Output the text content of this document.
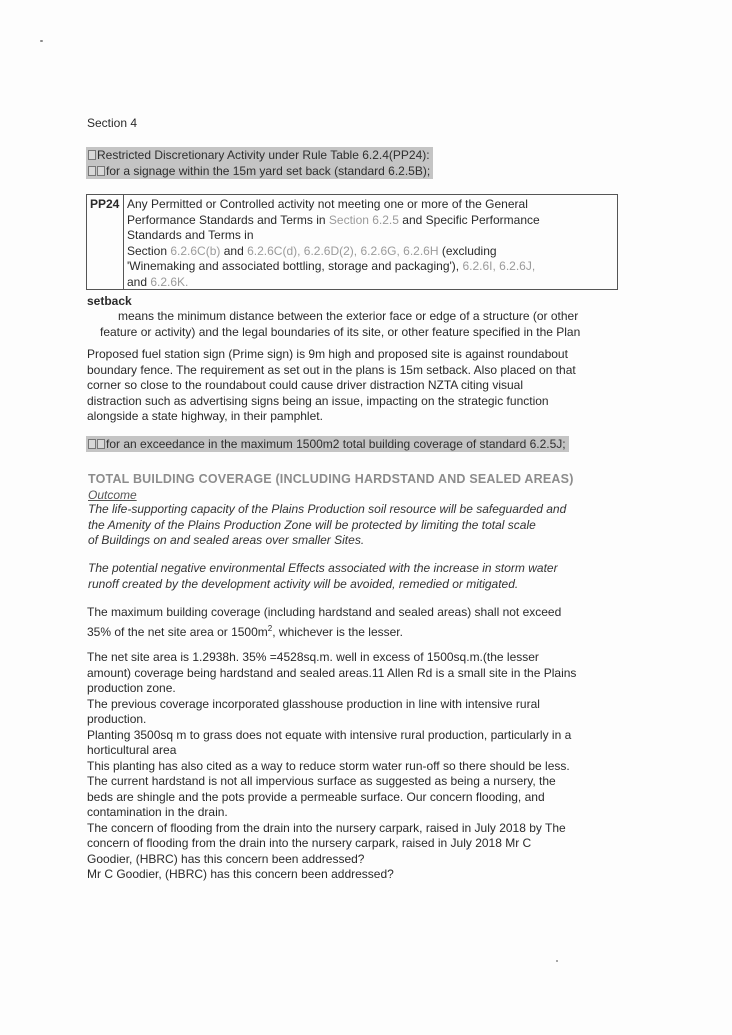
Section 4
Restricted Discretionary Activity under Rule Table 6.2.4(PP24):
for a signage within the 15m yard set back (standard 6.2.5B);
PP24 Any Permitted or Controlled activity not meeting one or more of the General
Performance Standards and Terms in Section 6.2.5 and Specific Performance
Standards and Terms in
Section 6.2.6C(b) and 6.2.6C(d), 6.2.6D(2), 6.2.6G, 6.2.6H (excluding
'Winemaking and associated bottling, storage and packaging'), 6.2.6I, 6.2.6J,
and 6.2.6K.
setback
means the minimum distance between the exterior face or edge of a structure (or other
feature or activity) and the legal boundaries of its site, or other feature specified in the Plan
Proposed fuel station sign (Prime sign) is 9m high and proposed site is against roundabout
boundary fence. The requirement as set out in the plans is 15m setback. Also placed on that
corner so close to the roundabout could cause driver distraction NZTA citing visual
distraction such as advertising signs being an issue, impacting on the strategic function
alongside a state highway, in their pamphlet.
for an exceedance in the maximum 1500m2 total building coverage of standard 6.2.5J;
TOTAL BUILDING COVERAGE (INCLUDING HARDSTAND AND SEALED AREAS)
Outcome
The life-supporting capacity of the Plains Production soil resource will be safeguarded and
the Amenity of the Plains Production Zone will be protected by limiting the total scale
of Buildings on and sealed areas over smaller Sites.
The potential negative environmental Effects associated with the increase in storm water
runoff created by the development activity will be avoided, remedied or mitigated.
The maximum building coverage (including hardstand and sealed areas) shall not exceed
35% of the net site area or $1500m^2$, whichever is the lesser.
The net site area is 1.2938h. 35% =4528sq.m. well in excess of 1500sq.m.(the lesser
amount) coverage being hardstand and sealed areas.11 Allen Rd is a small site in the Plains
production zone.
The previous coverage incorporated glasshouse production in line with intensive rural
production.
Planting 3500sq m to grass does not equate with intensive rural production, particularly in a
horticultural area
This planting has also cited as a way to reduce storm water run-off so there should be less.
The current hardstand is not all impervious surface as suggested as being a nursery, the
beds are shingle and the pots provide a permeable surface. Our concern flooding, and
contamination in the drain.
The concern of flooding from the drain into the nursery carpark, raised in July 2018 by The
concern of flooding from the drain into the nursery carpark, raised in July 2018 Mr C
Goodier, (HBRC) has this concern been addressed?
Mr C Goodier, (HBRC) has this concern been addressed?
